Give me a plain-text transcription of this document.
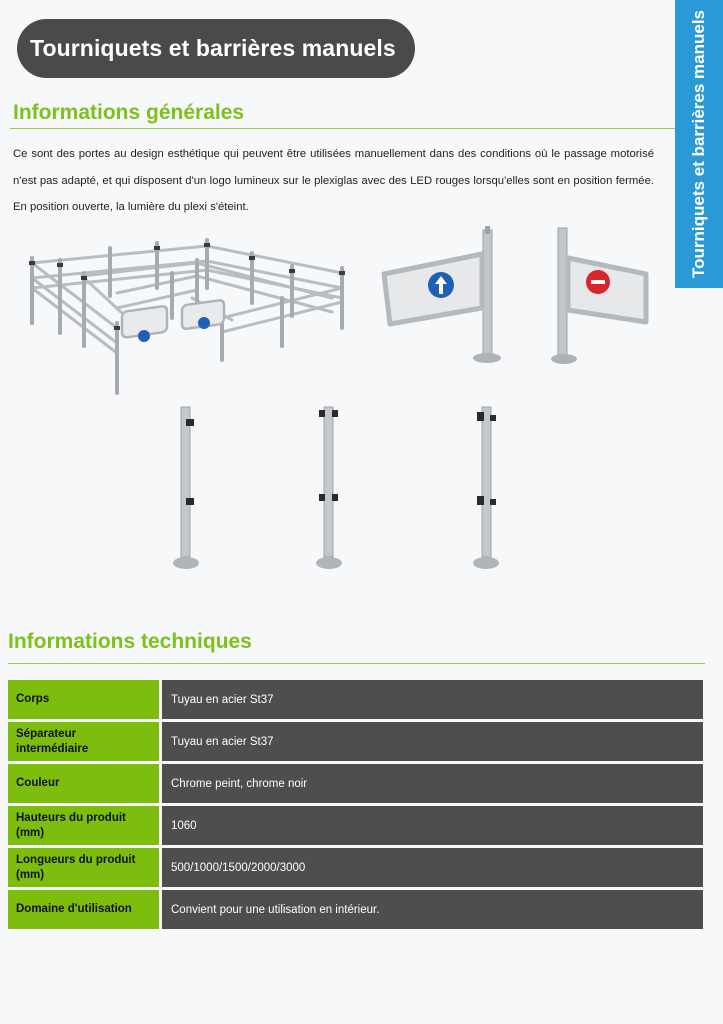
Tourniquets et barrières manuels	Tourniquets et barrières manuels
Informations générales

Ce sont des portes au design esthétique qui peuvent être utilisées manuellement dans des conditions où le passage motorisé n'est pas adapté, et qui disposent d'un logo lumineux sur le plexiglas avec des LED rouges lorsqu'elles sont en position fermée. En position ouverte, la lumière du plexi s'éteint.

Informations techniques
Corps	Tuyau en acier St37
Séparateur intermédiaire	Tuyau en acier St37
Couleur	Chrome peint, chrome noir
Hauteurs du produit (mm)	1060
Longueurs du produit (mm)	500/1000/1500/2000/3000
Domaine d'utilisation	Convient pour une utilisation en intérieur.
